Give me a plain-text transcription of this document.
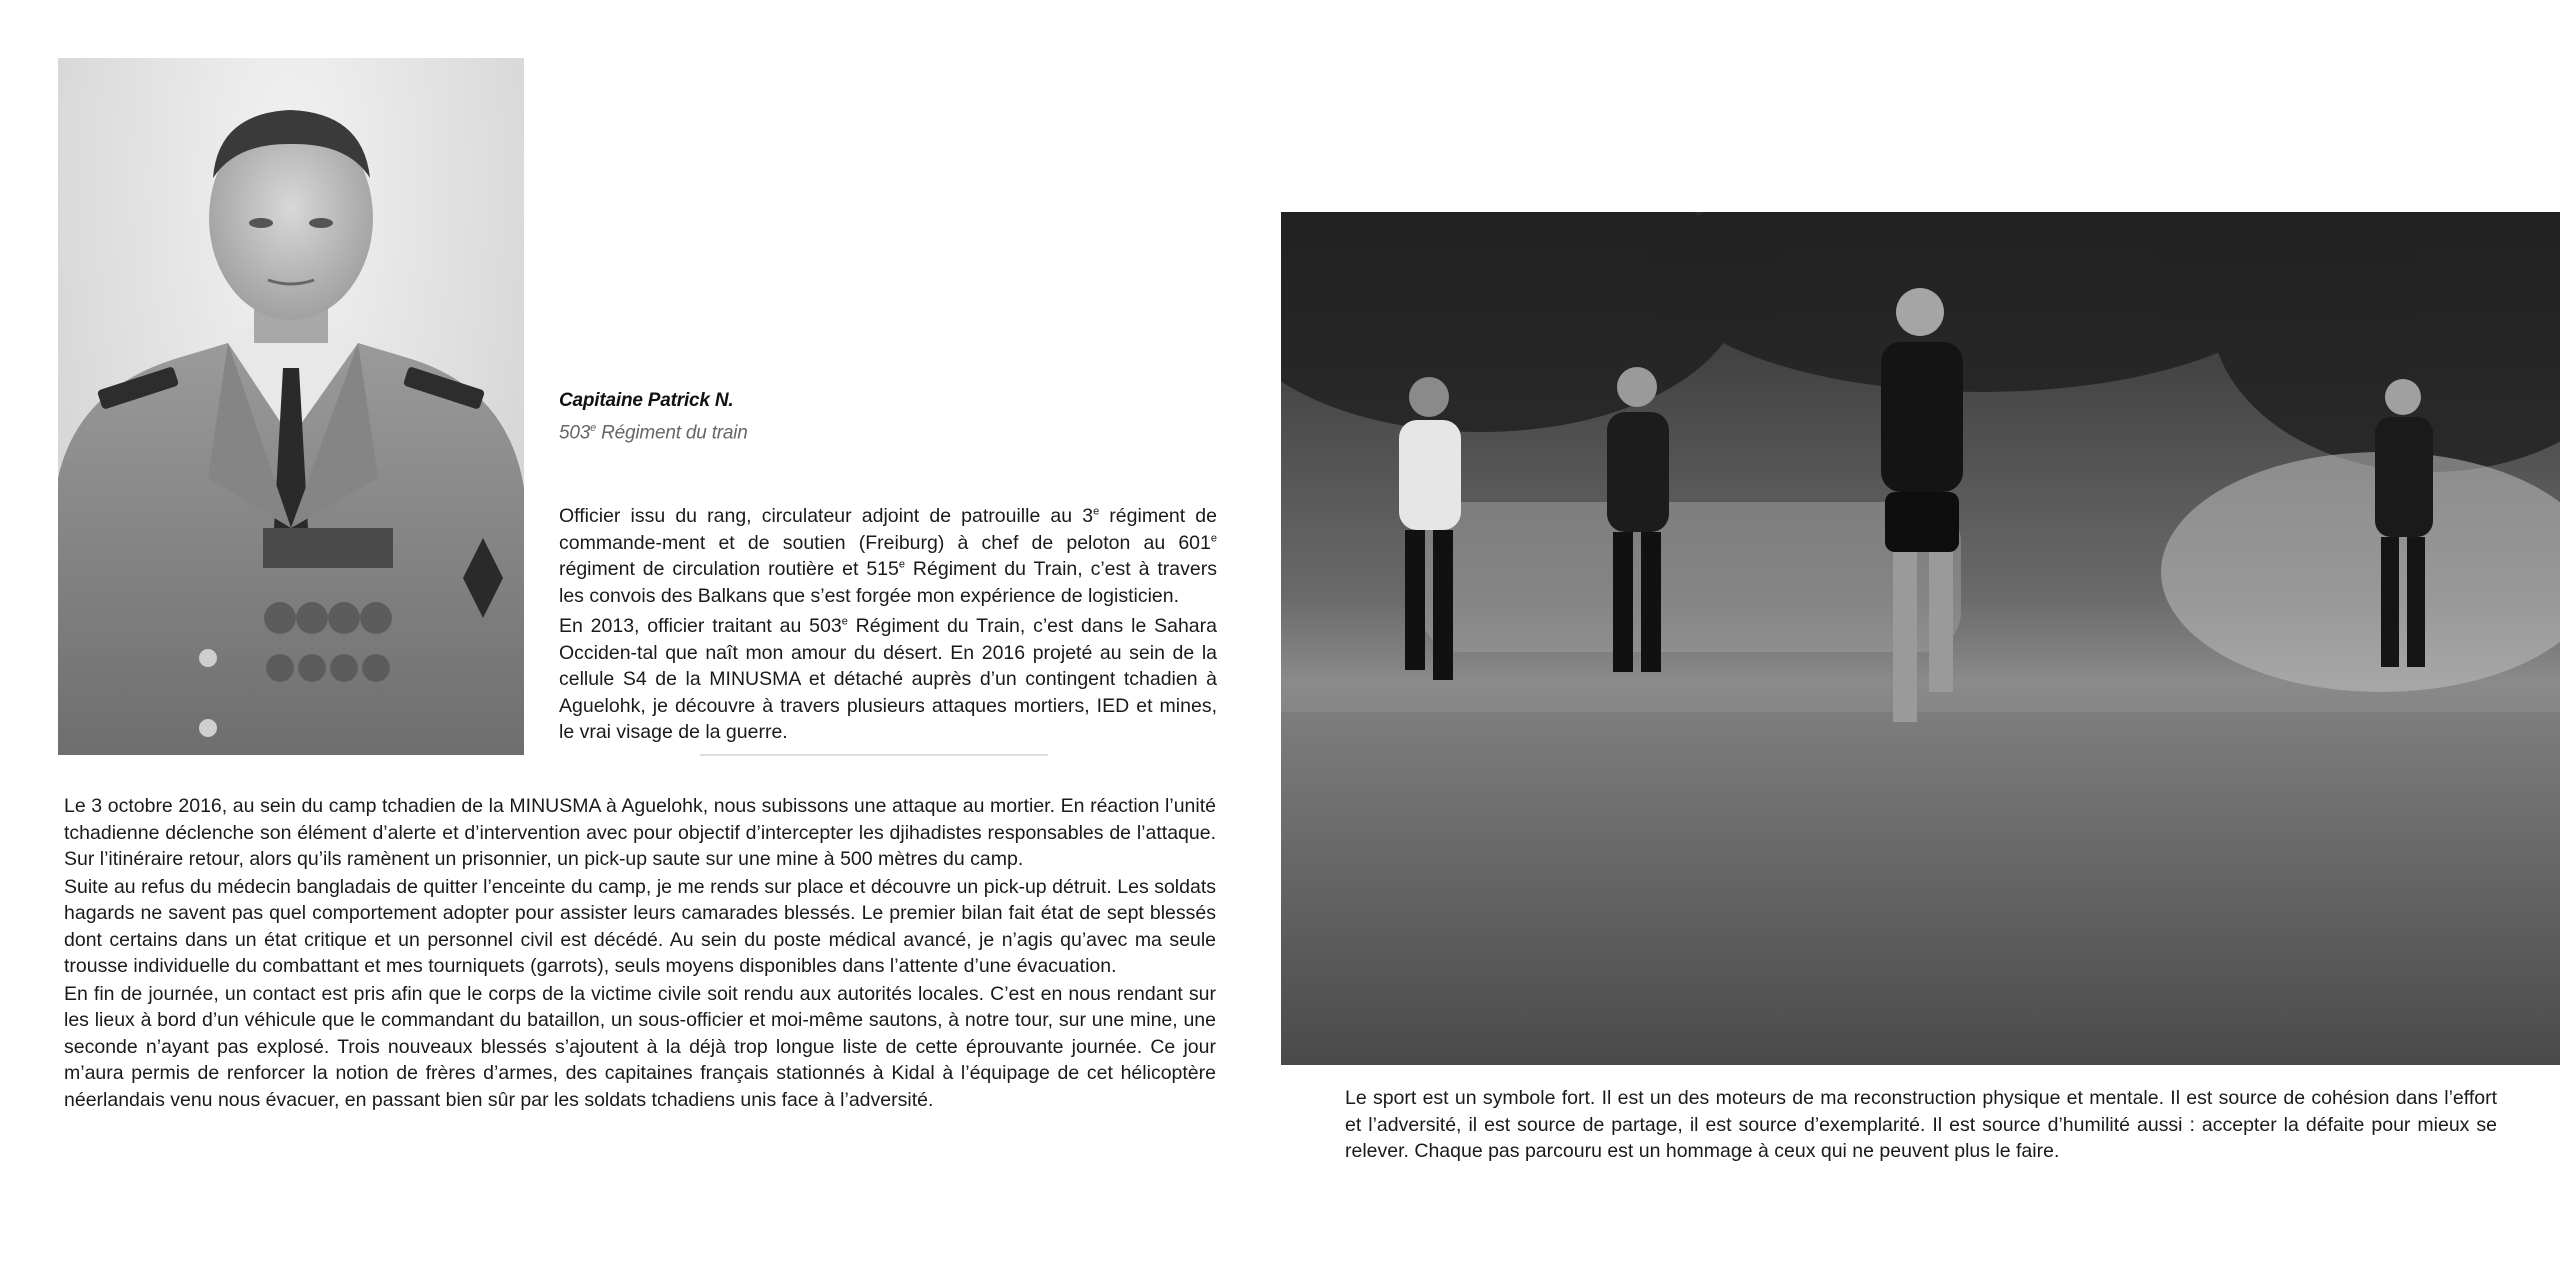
Capitaine Patrick N.
503e Régiment du train

Officier issu du rang, circulateur adjoint de patrouille au 3e régiment de commande-ment et de soutien (Freiburg) à chef de peloton au 601e régiment de circulation routière et 515e Régiment du Train, c’est à travers les convois des Balkans que s’est forgée mon expérience de logisticien.

En 2013, officier traitant au 503e Régiment du Train, c’est dans le Sahara Occiden-tal que naît mon amour du désert. En 2016 projeté au sein de la cellule S4 de la MINUSMA et détaché auprès d’un contingent tchadien à Aguelohk, je découvre à travers plusieurs attaques mortiers, IED et mines, le vrai visage de la guerre.

Le 3 octobre 2016, au sein du camp tchadien de la MINUSMA à Aguelohk, nous subissons une attaque au mortier. En réaction l’unité tchadienne déclenche son élément d’alerte et d’intervention avec pour objectif d’intercepter les djihadistes responsables de l’attaque. Sur l’itinéraire retour, alors qu’ils ramènent un prisonnier, un pick-up saute sur une mine à 500 mètres du camp.

Suite au refus du médecin bangladais de quitter l’enceinte du camp, je me rends sur place et découvre un pick-up détruit. Les soldats hagards ne savent pas quel comportement adopter pour assister leurs camarades blessés. Le premier bilan fait état de sept blessés dont certains dans un état critique et un personnel civil est décédé. Au sein du poste médical avancé, je n’agis qu’avec ma seule trousse individuelle du combattant et mes tourniquets (garrots), seuls moyens disponibles dans l’attente d’une évacuation.

En fin de journée, un contact est pris afin que le corps de la victime civile soit rendu aux autorités locales. C’est en nous rendant sur les lieux à bord d’un véhicule que le commandant du bataillon, un sous-officier et moi-même sautons, à notre tour, sur une mine, une seconde n’ayant pas explosé. Trois nouveaux blessés s’ajoutent à la déjà trop longue liste de cette éprouvante journée. Ce jour m’aura permis de renforcer la notion de frères d’armes, des capitaines français stationnés à Kidal à l’équipage de cet hélicoptère néerlandais venu nous évacuer, en passant bien sûr par les soldats tchadiens unis face à l’adversité.	Le sport est un symbole fort. Il est un des moteurs de ma reconstruction physique et mentale. Il est source de cohésion dans l’effort et l’adversité, il est source de partage, il est source d’exemplarité. Il est source d’humilité aussi : accepter la défaite pour mieux se relever. Chaque pas parcouru est un hommage à ceux qui ne peuvent plus le faire.
